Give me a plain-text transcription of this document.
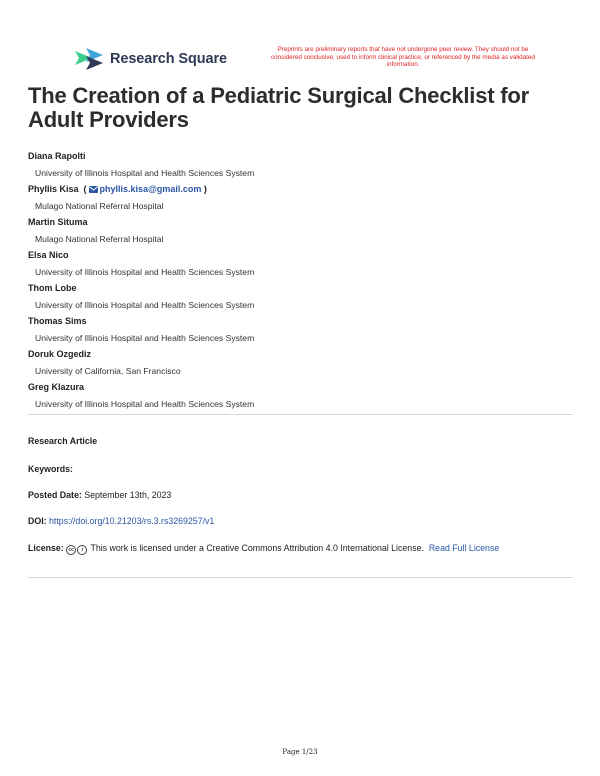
Research Square
Preprints are preliminary reports that have not undergone peer review. They should not be considered conclusive, used to inform clinical practice, or referenced by the media as validated information.
The Creation of a Pediatric Surgical Checklist for Adult Providers
Diana Rapolti
University of Illinois Hospital and Health Sciences System
Phyllis Kisa ( phyllis.kisa@gmail.com )
Mulago National Referral Hospital
Martin Situma
Mulago National Referral Hospital
Elsa Nico
University of Illinois Hospital and Health Sciences System
Thom Lobe
University of Illinois Hospital and Health Sciences System
Thomas Sims
University of Illinois Hospital and Health Sciences System
Doruk Ozgediz
University of California, San Francisco
Greg Klazura
University of Illinois Hospital and Health Sciences System
Research Article
Keywords:
Posted Date: September 13th, 2023
DOI: https://doi.org/10.21203/rs.3.rs3269257/v1
License: cc i This work is licensed under a Creative Commons Attribution 4.0 International License. Read Full License
Page 1/23
